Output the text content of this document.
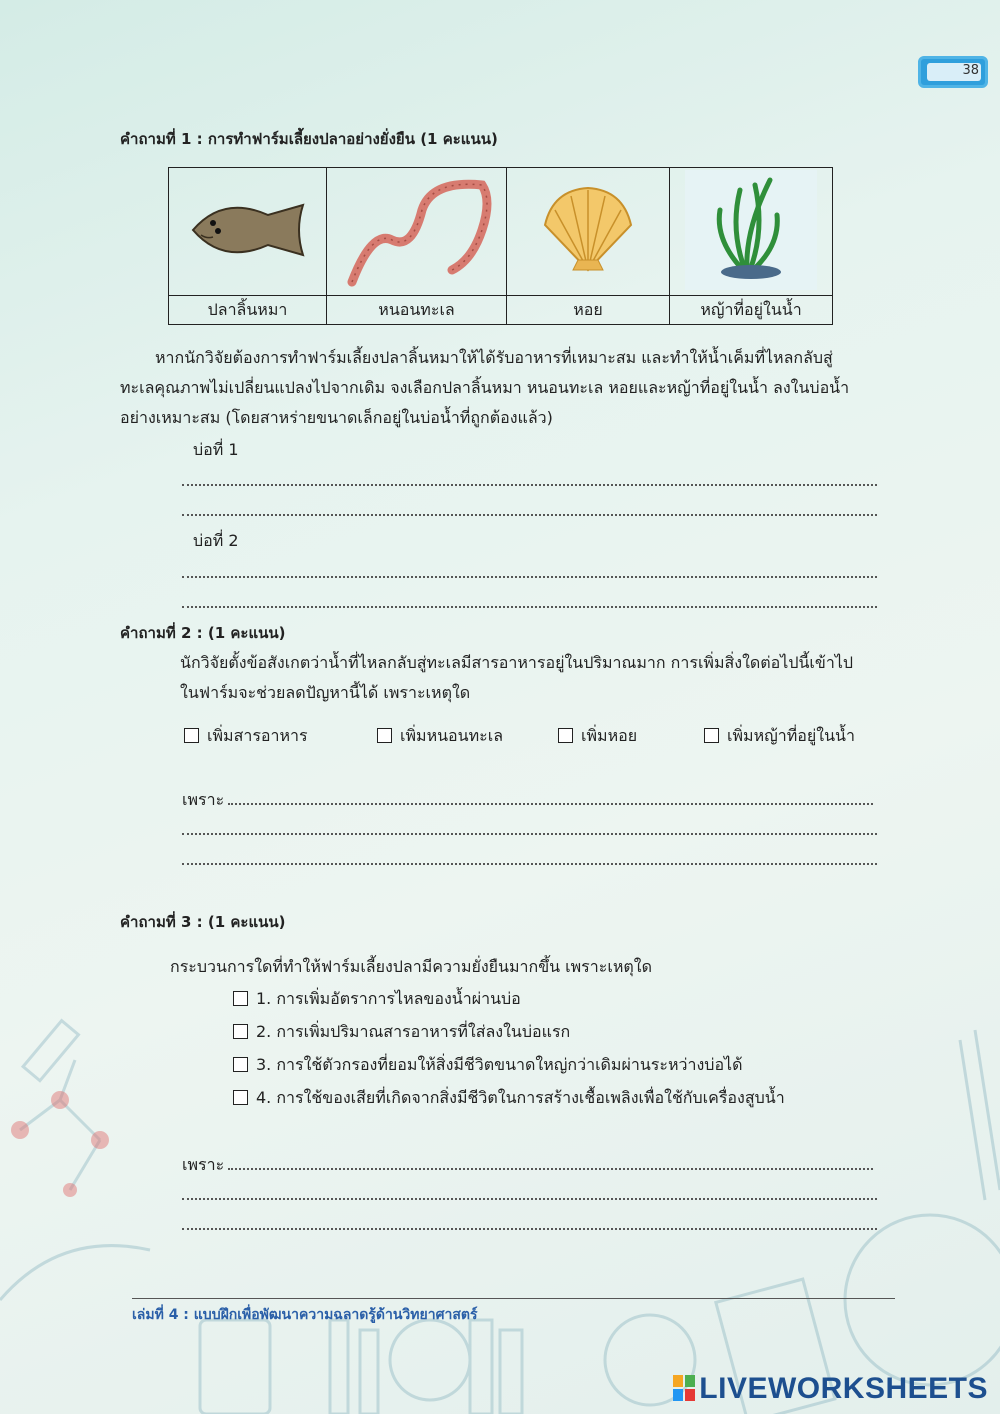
38
คำถามที่ 1 : การทำฟาร์มเลี้ยงปลาอย่างยั่งยืน (1 คะแนน)

ปลาลิ้นหมา	หนอนทะเล	หอย	หญ้าที่อยู่ในน้ำ
หากนักวิจัยต้องการทำฟาร์มเลี้ยงปลาลิ้นหมาให้ได้รับอาหารที่เหมาะสม และทำให้น้ำเค็มที่ไหลกลับสู่
ทะเลคุณภาพไม่เปลี่ยนแปลงไปจากเดิม จงเลือกปลาลิ้นหมา หนอนทะเล หอยและหญ้าที่อยู่ในน้ำ ลงในบ่อน้ำ
อย่างเหมาะสม (โดยสาหร่ายขนาดเล็กอยู่ในบ่อน้ำที่ถูกต้องแล้ว)
บ่อที่ 1
บ่อที่ 2
คำถามที่ 2 : (1 คะแนน)
นักวิจัยตั้งข้อสังเกตว่าน้ำที่ไหลกลับสู่ทะเลมีสารอาหารอยู่ในปริมาณมาก การเพิ่มสิ่งใดต่อไปนี้เข้าไป
ในฟาร์มจะช่วยลดปัญหานี้ได้ เพราะเหตุใด
เพิ่มสารอาหาร	เพิ่มหนอนทะเล	เพิ่มหอย	เพิ่มหญ้าที่อยู่ในน้ำ
เพราะ
คำถามที่ 3 : (1 คะแนน)
กระบวนการใดที่ทำให้ฟาร์มเลี้ยงปลามีความยั่งยืนมากขึ้น เพราะเหตุใด
1. การเพิ่มอัตราการไหลของน้ำผ่านบ่อ
2. การเพิ่มปริมาณสารอาหารที่ใส่ลงในบ่อแรก
3. การใช้ตัวกรองที่ยอมให้สิ่งมีชีวิตขนาดใหญ่กว่าเดิมผ่านระหว่างบ่อได้
4. การใช้ของเสียที่เกิดจากสิ่งมีชีวิตในการสร้างเชื้อเพลิงเพื่อใช้กับเครื่องสูบน้ำ
เพราะ
เล่มที่ 4 : แบบฝึกเพื่อพัฒนาความฉลาดรู้ด้านวิทยาศาสตร์
LIVEWORKSHEETS
